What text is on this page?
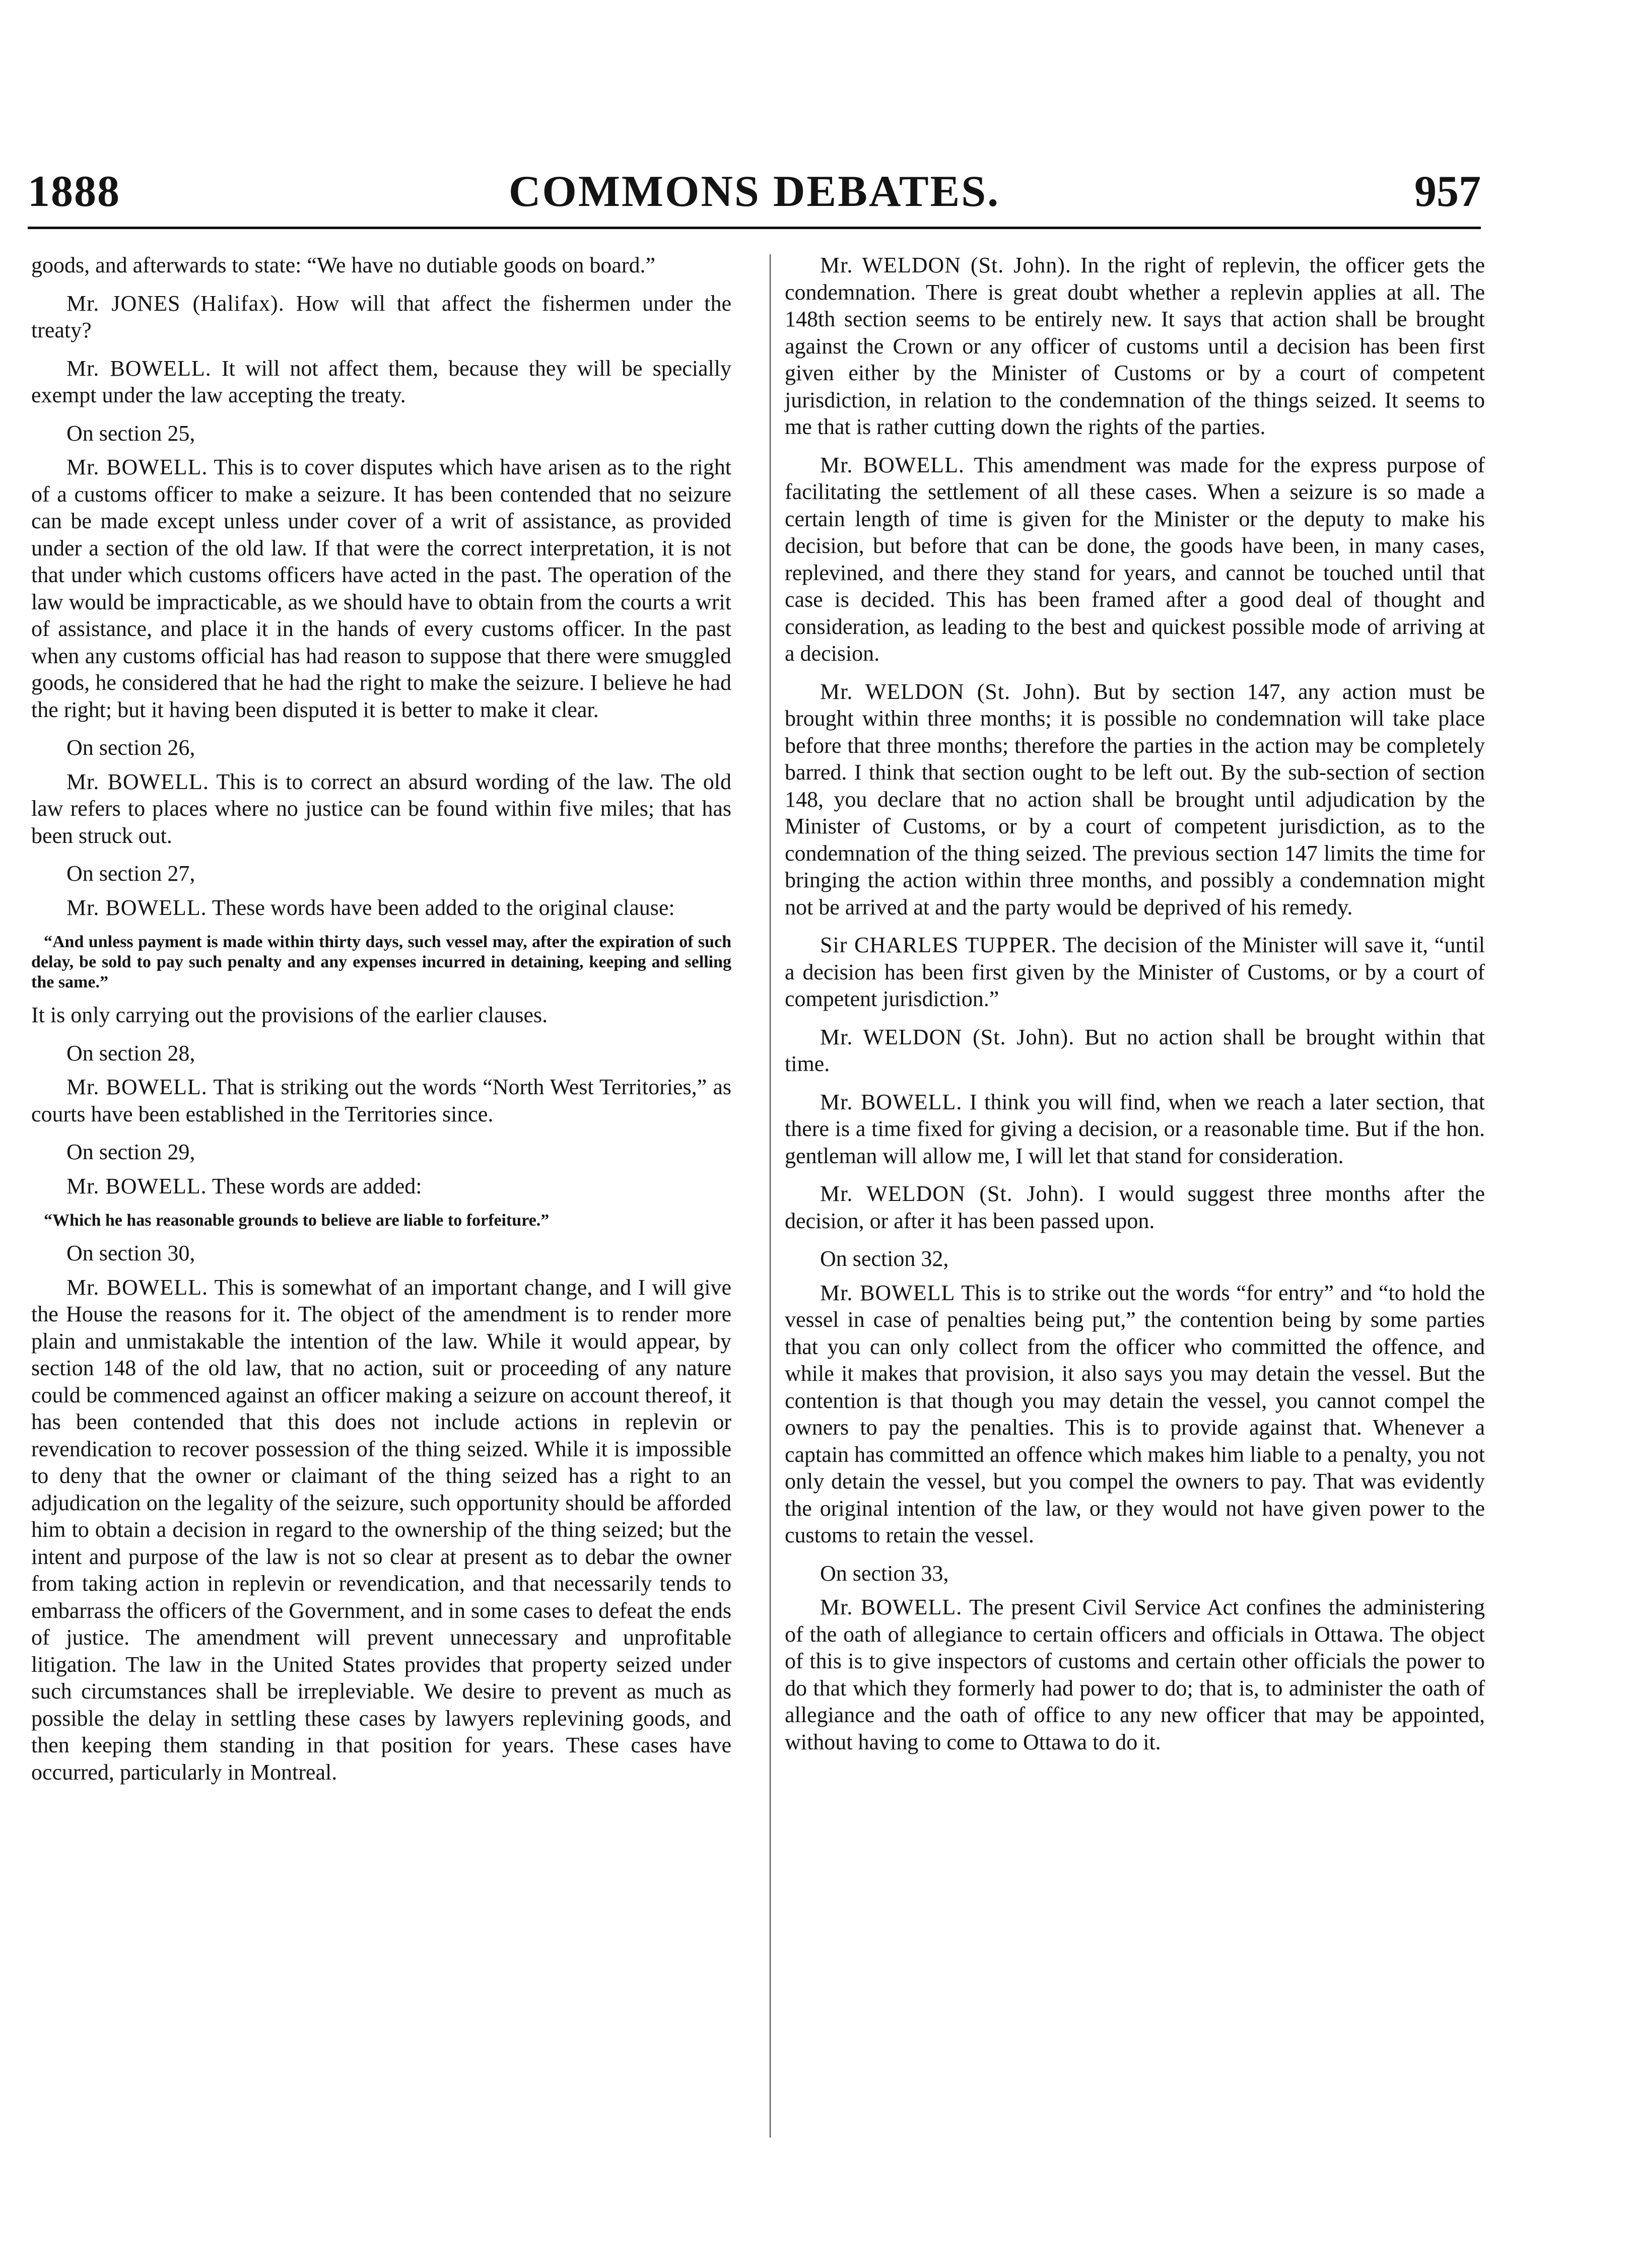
1888	COMMONS DEBATES.	957

goods, and afterwards to state: “We have no dutiable goods on board.”

Mr. JONES (Halifax). How will that affect the fishermen under the treaty?

Mr. BOWELL. It will not affect them, because they will be specially exempt under the law accepting the treaty.

On section 25,

Mr. BOWELL. This is to cover disputes which have arisen as to the right of a customs officer to make a seizure. It has been contended that no seizure can be made except unless under cover of a writ of assistance, as provided under a section of the old law. If that were the correct interpretation, it is not that under which customs officers have acted in the past. The operation of the law would be impracticable, as we should have to obtain from the courts a writ of assistance, and place it in the hands of every customs officer. In the past when any customs official has had reason to suppose that there were smuggled goods, he considered that he had the right to make the seizure. I believe he had the right; but it having been disputed it is better to make it clear.

On section 26,

Mr. BOWELL. This is to correct an absurd wording of the law. The old law refers to places where no justice can be found within five miles; that has been struck out.

On section 27,

Mr. BOWELL. These words have been added to the original clause:

“And unless payment is made within thirty days, such vessel may, after the expiration of such delay, be sold to pay such penalty and any expenses incurred in detaining, keeping and selling the same.”

It is only carrying out the provisions of the earlier clauses.

On section 28,

Mr. BOWELL. That is striking out the words “North West Territories,” as courts have been established in the Territories since.

On section 29,

Mr. BOWELL. These words are added:

“Which he has reasonable grounds to believe are liable to forfeiture.”

On section 30,

Mr. BOWELL. This is somewhat of an important change, and I will give the House the reasons for it. The object of the amendment is to render more plain and unmistakable the intention of the law. While it would appear, by section 148 of the old law, that no action, suit or proceeding of any nature could be commenced against an officer making a seizure on account thereof, it has been contended that this does not include actions in replevin or revendication to recover possession of the thing seized. While it is impossible to deny that the owner or claimant of the thing seized has a right to an adjudication on the legality of the seizure, such opportunity should be afforded him to obtain a decision in regard to the ownership of the thing seized; but the intent and purpose of the law is not so clear at present as to debar the owner from taking action in replevin or revendication, and that necessarily tends to embarrass the officers of the Government, and in some cases to defeat the ends of justice. The amendment will prevent unnecessary and unprofitable litigation. The law in the United States provides that property seized under such circumstances shall be irrepleviable. We desire to prevent as much as possible the delay in settling these cases by lawyers replevining goods, and then keeping them standing in that position for years. These cases have occurred, particularly in Montreal.

Mr. WELDON (St. John). In the right of replevin, the officer gets the condemnation. There is great doubt whether a replevin applies at all. The 148th section seems to be entirely new. It says that action shall be brought against the Crown or any officer of customs until a decision has been first given either by the Minister of Customs or by a court of competent jurisdiction, in relation to the condemnation of the things seized. It seems to me that is rather cutting down the rights of the parties.

Mr. BOWELL. This amendment was made for the express purpose of facilitating the settlement of all these cases. When a seizure is so made a certain length of time is given for the Minister or the deputy to make his decision, but before that can be done, the goods have been, in many cases, replevined, and there they stand for years, and cannot be touched until that case is decided. This has been framed after a good deal of thought and consideration, as leading to the best and quickest possible mode of arriving at a decision.

Mr. WELDON (St. John). But by section 147, any action must be brought within three months; it is possible no condemnation will take place before that three months; therefore the parties in the action may be completely barred. I think that section ought to be left out. By the sub-section of section 148, you declare that no action shall be brought until adjudication by the Minister of Customs, or by a court of competent jurisdiction, as to the condemnation of the thing seized. The previous section 147 limits the time for bringing the action within three months, and possibly a condemnation might not be arrived at and the party would be deprived of his remedy.

Sir CHARLES TUPPER. The decision of the Minister will save it, “until a decision has been first given by the Minister of Customs, or by a court of competent jurisdiction.”

Mr. WELDON (St. John). But no action shall be brought within that time.

Mr. BOWELL. I think you will find, when we reach a later section, that there is a time fixed for giving a decision, or a reasonable time. But if the hon. gentleman will allow me, I will let that stand for consideration.

Mr. WELDON (St. John). I would suggest three months after the decision, or after it has been passed upon.

On section 32,

Mr. BOWELL This is to strike out the words “for entry” and “to hold the vessel in case of penalties being put,” the contention being by some parties that you can only collect from the officer who committed the offence, and while it makes that provision, it also says you may detain the vessel. But the contention is that though you may detain the vessel, you cannot compel the owners to pay the penalties. This is to provide against that. Whenever a captain has committed an offence which makes him liable to a penalty, you not only detain the vessel, but you compel the owners to pay. That was evidently the original intention of the law, or they would not have given power to the customs to retain the vessel.

On section 33,

Mr. BOWELL. The present Civil Service Act confines the administering of the oath of allegiance to certain officers and officials in Ottawa. The object of this is to give inspectors of customs and certain other officials the power to do that which they formerly had power to do; that is, to administer the oath of allegiance and the oath of office to any new officer that may be appointed, without having to come to Ottawa to do it.
